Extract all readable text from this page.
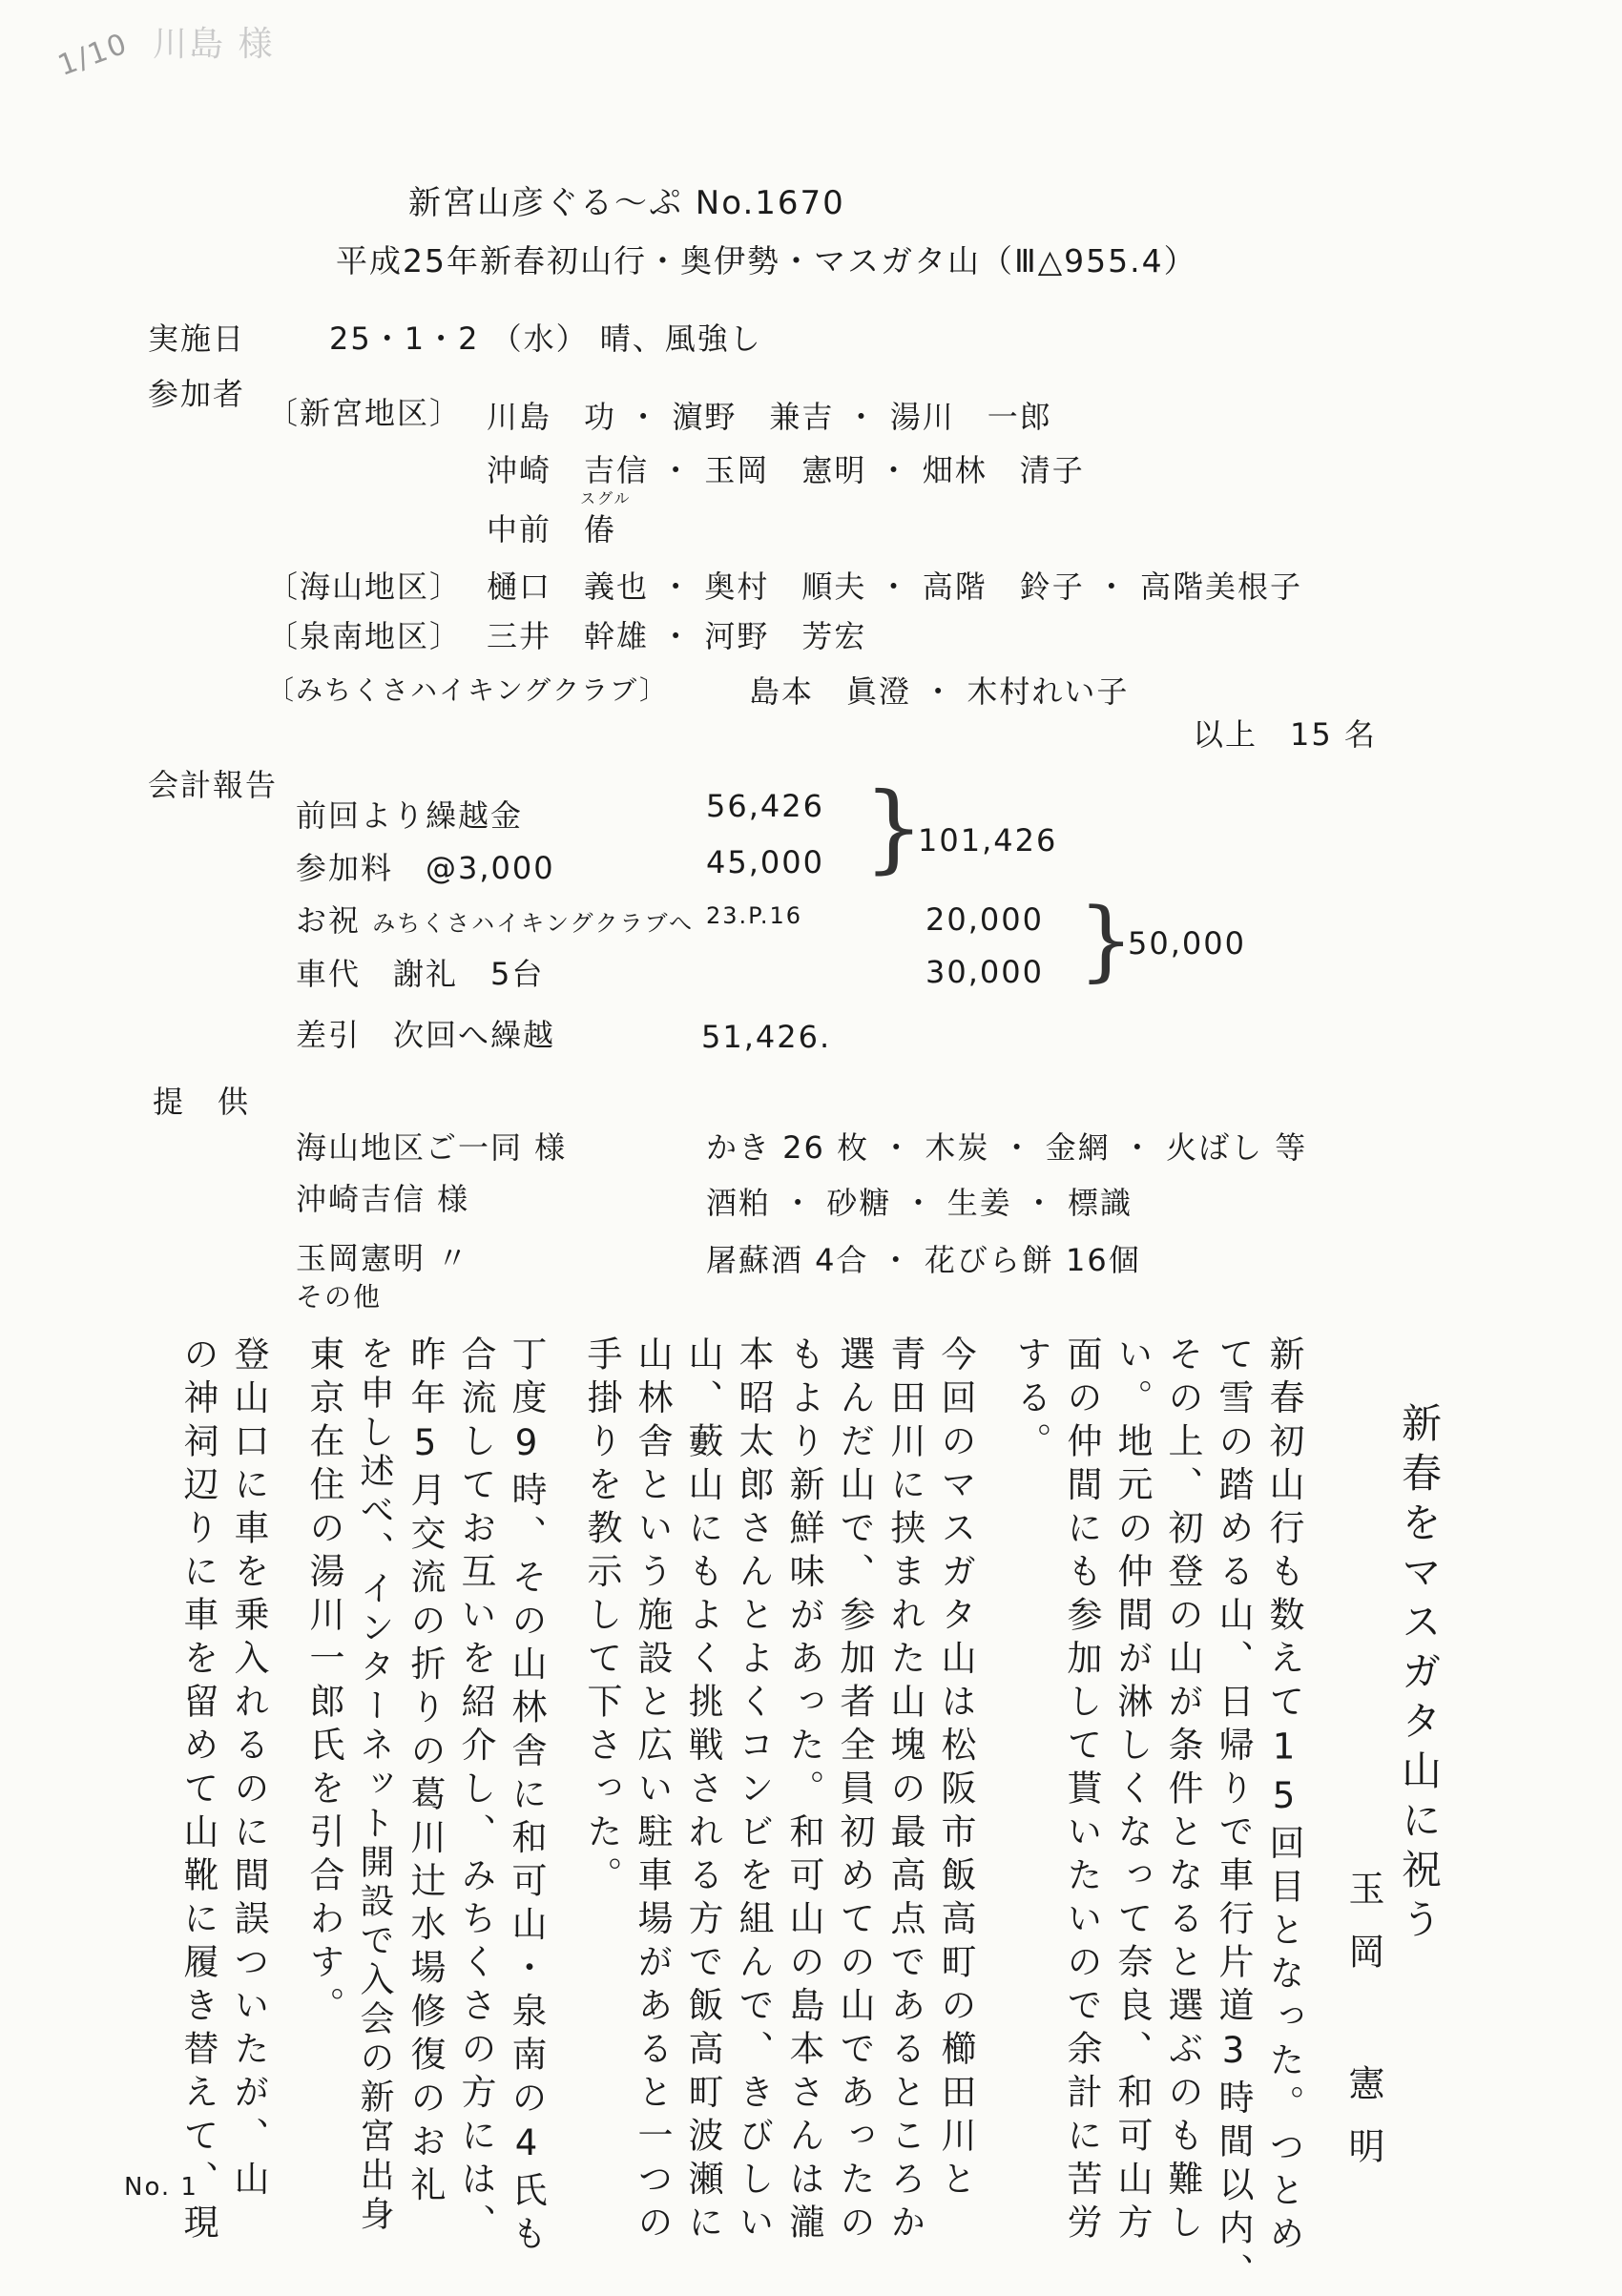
1/10 川島 様
新宮山彦ぐる～ぷ No.1670
平成25年新春初山行・奥伊勢・マスガタ山（Ⅲ△955.4）
実施日	25・1・2 （水） 晴、風強し
参加者
〔新宮地区〕 川島　功 ・ 濵野　兼吉 ・ 湯川　一郎
沖崎　吉信 ・ 玉岡　憲明 ・ 畑林　清子
中前　
スグル
偆
〔海山地区〕 樋口　義也 ・ 奥村　順夫 ・ 高階　鈴子 ・ 高階美根子
〔泉南地区〕 三井　幹雄 ・ 河野　芳宏
〔みちくさハイキングクラブ〕	島本　眞澄 ・ 木村れい子
以上　15 名
会計報告
前回より繰越金	56,426
参加料　@3,000	45,000 }
101,426
お祝 みちくさハイキングクラブへ 23.P.16	20,000
車代　謝礼　5台	30,000 }
50,000
差引　次回へ繰越	51,426.
提　供
海山地区ご一同 様	かき 26 枚 ・ 木炭 ・ 金網 ・ 火ばし 等
沖崎吉信 様	酒粕 ・ 砂糖 ・ 生姜 ・ 標識
玉岡憲明 〃	屠蘇酒 4合 ・ 花びら餅 16個
その他
新春をマスガタ山に祝う
玉岡 憲明
新春初山行も数えて15回目となった。つとめ
て雪の踏める山、日帰りで車行片道3時間以内、
その上、初登の山が条件となると選ぶのも難し
い。地元の仲間が淋しくなって奈良、和可山方
面の仲間にも参加して貰いたいので余計に苦労
する。
今回のマスガタ山は松阪市飯高町の櫛田川と
青田川に挟まれた山塊の最高点であるところか
選んだ山で、参加者全員初めての山であったの
もより新鮮味があった。和可山の島本さんは瀧
本昭太郎さんとよくコンビを組んで、きびしい
山、藪山にもよく挑戦される方で飯高町波瀬に
山林舎という施設と広い駐車場があると一つの
手掛りを教示して下さった。
丁度9時、その山林舎に和可山・泉南の4氏も
合流してお互いを紹介し、みちくさの方には、
昨年5月交流の折りの葛川辻水場修復のお礼
を申し述べ、インターネット開設で入会の新宮出身
東京在住の湯川一郎氏を引合わす。
登山口に車を乗入れるのに間誤ついたが、山
の神祠辺りに車を留めて山靴に履き替えて、現
No. 1
